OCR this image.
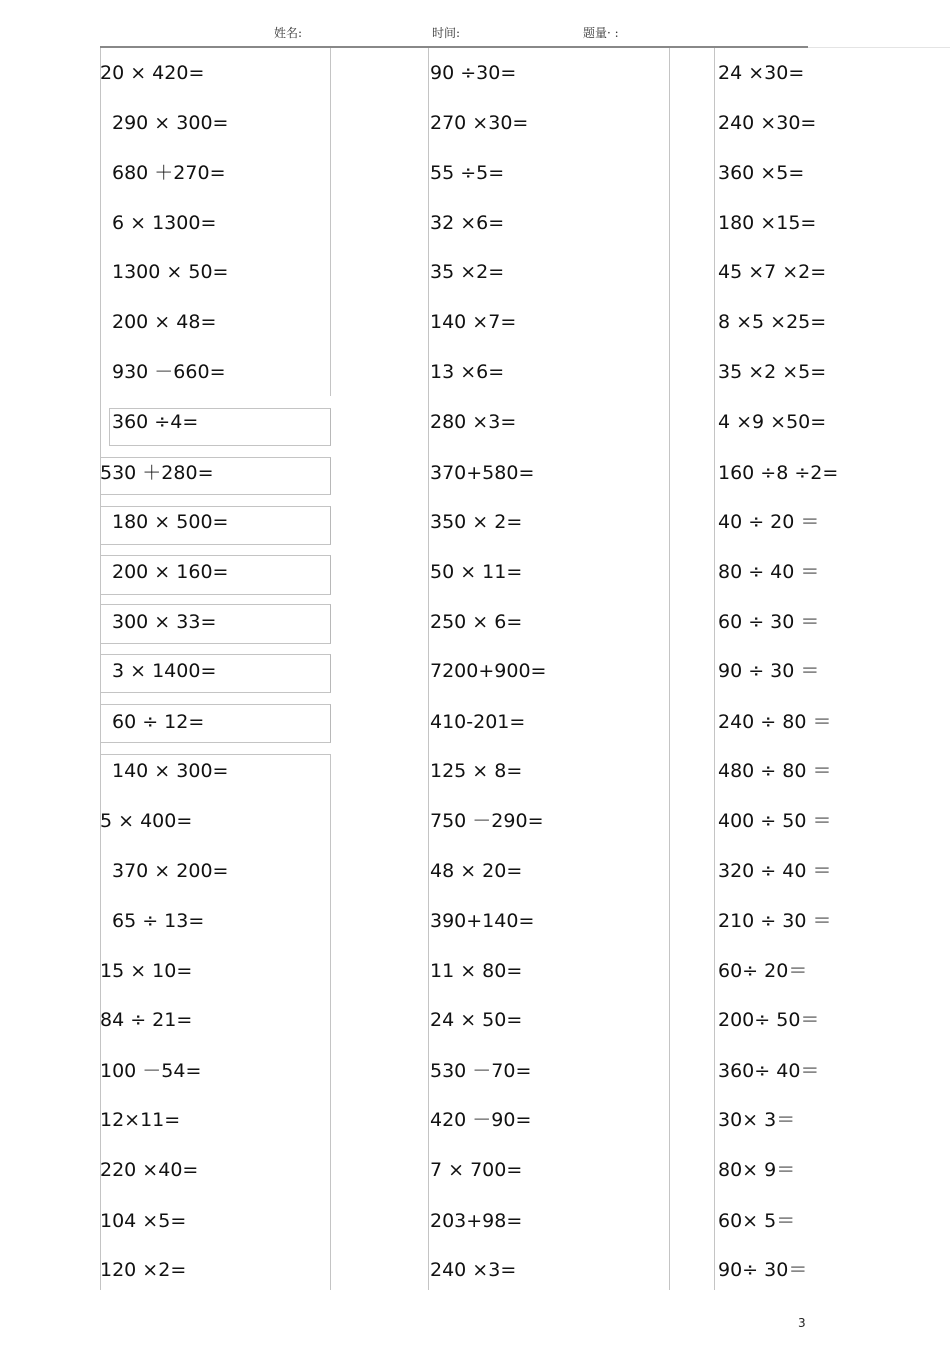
姓名:	时间:	题量· :
20 × 420=
290 × 300=
680 ＋270=
6 × 1300=
1300 × 50=
200 × 48=
930 －660=
360 ÷4=
530 ＋280=
180 × 500=
200 × 160=
300 × 33=
3 × 1400=
60 ÷ 12=
140 × 300=
5 × 400=
370 × 200=
65 ÷ 13=
15 × 10=
84 ÷ 21=
100 －54=
12×11=
220 ×40=
104 ×5=
120 ×2=
90 ÷30=
270 ×30=
55 ÷5=
32 ×6=
35 ×2=
140 ×7=
13 ×6=
280 ×3=
370+580=
350 × 2=
50 × 11=
250 × 6=
7200+900=
410-201=
125 × 8=
750 －290=
48 × 20=
390+140=
11 × 80=
24 × 50=
530 －70=
420 －90=
7 × 700=
203+98=
240 ×3=
24 ×30=
240 ×30=
360 ×5=
180 ×15=
45 ×7 ×2=
8 ×5 ×25=
35 ×2 ×5=
4 ×9 ×50=
160 ÷8 ÷2=
40 ÷ 20 ＝
80 ÷ 40 ＝
60 ÷ 30 ＝
90 ÷ 30 ＝
240 ÷ 80 ＝
480 ÷ 80 ＝
400 ÷ 50 ＝
320 ÷ 40 ＝
210 ÷ 30 ＝
60÷ 20＝
200÷ 50＝
360÷ 40＝
30× 3＝
80× 9＝
60× 5＝
90÷ 30＝
3
